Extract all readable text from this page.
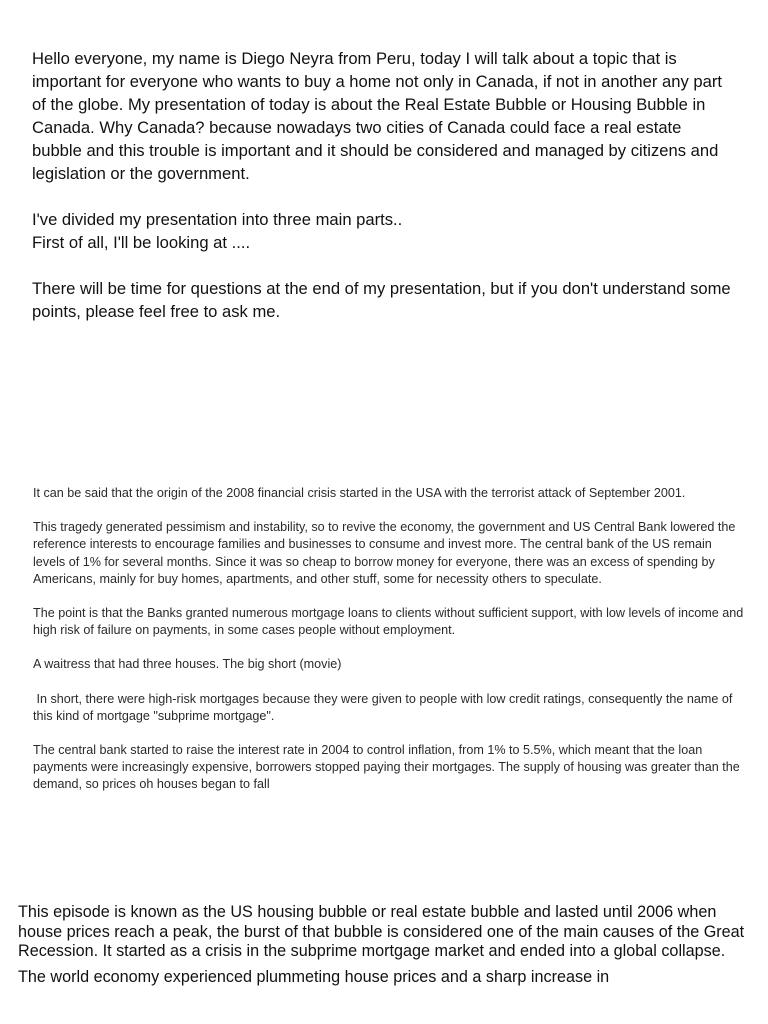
Hello everyone, my name is Diego Neyra from Peru, today I will talk about a topic that is important for everyone who wants to buy a home not only in Canada, if not in another any part of the globe. My presentation of today is about the Real Estate Bubble or Housing Bubble in Canada. Why Canada? because nowadays two cities of Canada could face a real estate bubble and this trouble is important and it should be considered and managed by citizens and legislation or the government.

I've divided my presentation into three main parts..

First of all, I'll be looking at ....

There will be time for questions at the end of my presentation, but if you don't understand some points, please feel free to ask me.

It can be said that the origin of the 2008 financial crisis started in the USA with the terrorist attack of September 2001.

This tragedy generated pessimism and instability, so to revive the economy, the government and US Central Bank lowered the reference interests to encourage families and businesses to consume and invest more. The central bank of the US remain levels of 1% for several months. Since it was so cheap to borrow money for everyone, there was an excess of spending by Americans, mainly for buy homes, apartments, and other stuff, some for necessity others to speculate.

The point is that the Banks granted numerous mortgage loans to clients without sufficient support, with low levels of income and high risk of failure on payments, in some cases people without employment.

A waitress that had three houses. The big short (movie)

In short, there were high-risk mortgages because they were given to people with low credit ratings, consequently the name of this kind of mortgage "subprime mortgage".

The central bank started to raise the interest rate in 2004 to control inflation, from 1% to 5.5%, which meant that the loan payments were increasingly expensive, borrowers stopped paying their mortgages. The supply of housing was greater than the demand, so prices oh houses began to fall

This episode is known as the US housing bubble or real estate bubble and lasted until 2006 when house prices reach a peak, the burst of that bubble is considered one of the main causes of the Great Recession. It started as a crisis in the subprime mortgage market and ended into a global collapse.

The world economy experienced plummeting house prices and a sharp increase in
